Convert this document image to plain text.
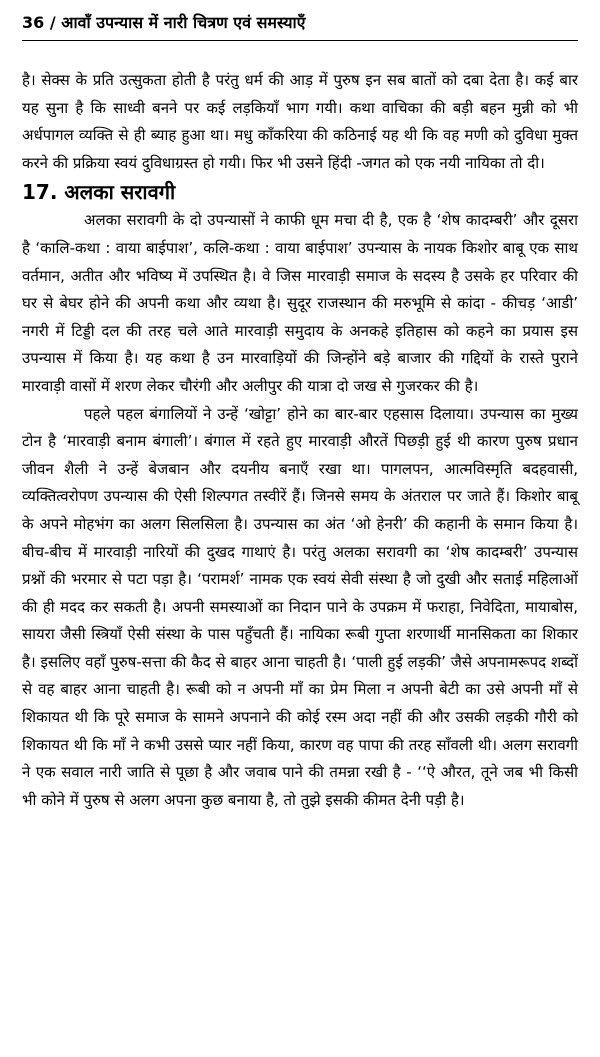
36 / आवाँ उपन्यास में नारी चित्रण एवं समस्याएँ

है। सेक्स के प्रति उत्सुकता होती है परंतु धर्म की आड़ में पुरुष इन सब बातों को दबा देता है। कई बार यह सुना है कि साध्वी बनने पर कई लड़कियाँ भाग गयी। कथा वाचिका की बड़ी बहन मुन्नी को भी अर्धपागल व्यक्ति से ही ब्याह हुआ था। मधु काँकरिया की कठिनाई यह थी कि वह मणी को दुविधा मुक्त करने की प्रक्रिया स्वयं दुविधाग्रस्त हो गयी। फिर भी उसने हिंदी -जगत को एक नयी नायिका तो दी।

17. अलका सरावगी

अलका सरावगी के दो उपन्यासों ने काफी धूम मचा दी है, एक है ‘शेष कादम्बरी’ और दूसरा है ‘कालि-कथा : वाया बाईपाश’, कलि-कथा : वाया बाईपाश’ उपन्यास के नायक किशोर बाबू एक साथ वर्तमान, अतीत और भविष्य में उपस्थित है। वे जिस मारवाड़ी समाज के सदस्य है उसके हर परिवार की घर से बेघर होने की अपनी कथा और व्यथा है। सुदूर राजस्थान की मरुभूमि से कांदा - कीचड़ ‘आडी’ नगरी में टिड्डी दल की तरह चले आते मारवाड़ी समुदाय के अनकहे इतिहास को कहने का प्रयास इस उपन्यास में किया है। यह कथा है उन मारवाड़ियों की जिन्होंने बड़े बाजार की गद्दियों के रास्ते पुराने मारवाड़ी वासों में शरण लेकर चौरंगी और अलीपुर की यात्रा दो जख से गुजरकर की है।

पहले पहल बंगालियों ने उन्हें ‘खोट्टा’ होने का बार-बार एहसास दिलाया। उपन्यास का मुख्य टोन है ‘मारवाड़ी बनाम बंगाली’। बंगाल में रहते हुए मारवाड़ी औरतें पिछड़ी हुई थी कारण पुरुष प्रधान जीवन शैली ने उन्हें बेजबान और दयनीय बनाएँ रखा था। पागलपन, आत्मविस्मृति बदहवासी, व्यक्तित्वरोपण उपन्यास की ऐसी शिल्पगत तस्वीरें हैं। जिनसे समय के अंतराल पर जाते हैं। किशोर बाबू के अपने मोहभंग का अलग सिलसिला है। उपन्यास का अंत ‘ओ हेनरी’ की कहानी के समान किया है। बीच-बीच में मारवाड़ी नारियों की दुखद गाथाएं है। परंतु अलका सरावगी का ‘शेष कादम्बरी’ उपन्यास प्रश्नों की भरमार से पटा पड़ा है। ‘परामर्श’ नामक एक स्वयं सेवी संस्था है जो दुखी और सताई महिलाओं की ही मदद कर सकती है। अपनी समस्याओं का निदान पाने के उपक्रम में फराहा, निवेदिता, मायाबोस, सायरा जैसी स्त्रियाँ ऐसी संस्था के पास पहुँचती हैं। नायिका रूबी गुप्ता शरणार्थी मानसिकता का शिकार है। इसलिए वहाँ पुरुष-सत्ता की कैद से बाहर आना चाहती है। ‘पाली हुई लड़की’ जैसे अपनामरूपद शब्दों से वह बाहर आना चाहती है। रूबी को न अपनी माँ का प्रेम मिला न अपनी बेटी का उसे अपनी माँ से शिकायत थी कि पूरे समाज के सामने अपनाने की कोई रस्म अदा नहीं की और उसकी लड़की गौरी को शिकायत थी कि माँ ने कभी उससे प्यार नहीं किया, कारण वह पापा की तरह साँवली थी। अलग सरावगी ने एक सवाल नारी जाति से पूछा है और जवाब पाने की तमन्ना रखी है - ‘‘ऐ औरत, तूने जब भी किसी भी कोने में पुरुष से अलग अपना कुछ बनाया है, तो तुझे इसकी कीमत देनी पड़ी है।
